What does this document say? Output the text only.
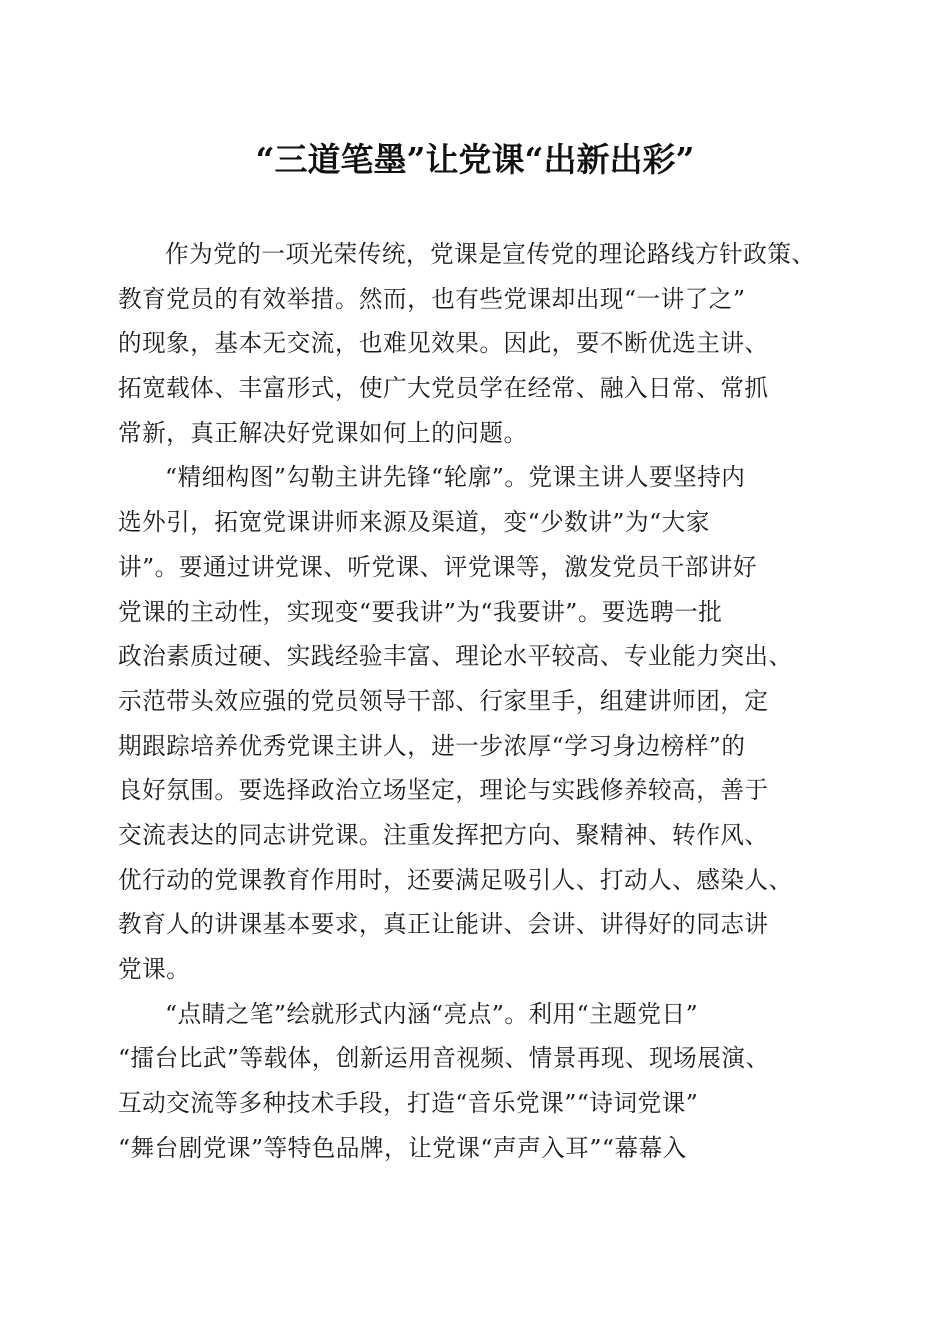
“三道笔墨”让党课“出新出彩”
作为党的一项光荣传统，党课是宣传党的理论路线方针政策、
教育党员的有效举措。然而，也有些党课却出现“一讲了之”
的现象，基本无交流，也难见效果。因此，要不断优选主讲、
拓宽载体、丰富形式，使广大党员学在经常、融入日常、常抓
常新，真正解决好党课如何上的问题。
“精细构图”勾勒主讲先锋“轮廓”。党课主讲人要坚持内
选外引，拓宽党课讲师来源及渠道，变“少数讲”为“大家
讲”。要通过讲党课、听党课、评党课等，激发党员干部讲好
党课的主动性，实现变“要我讲”为“我要讲”。要选聘一批
政治素质过硬、实践经验丰富、理论水平较高、专业能力突出、
示范带头效应强的党员领导干部、行家里手，组建讲师团，定
期跟踪培养优秀党课主讲人，进一步浓厚“学习身边榜样”的
良好氛围。要选择政治立场坚定，理论与实践修养较高，善于
交流表达的同志讲党课。注重发挥把方向、聚精神、转作风、
优行动的党课教育作用时，还要满足吸引人、打动人、感染人、
教育人的讲课基本要求，真正让能讲、会讲、讲得好的同志讲
党课。
“点睛之笔”绘就形式内涵“亮点”。利用“主题党日”
“擂台比武”等载体，创新运用音视频、情景再现、现场展演、
互动交流等多种技术手段，打造“音乐党课”“诗词党课”
“舞台剧党课”等特色品牌，让党课“声声入耳”“幕幕入
